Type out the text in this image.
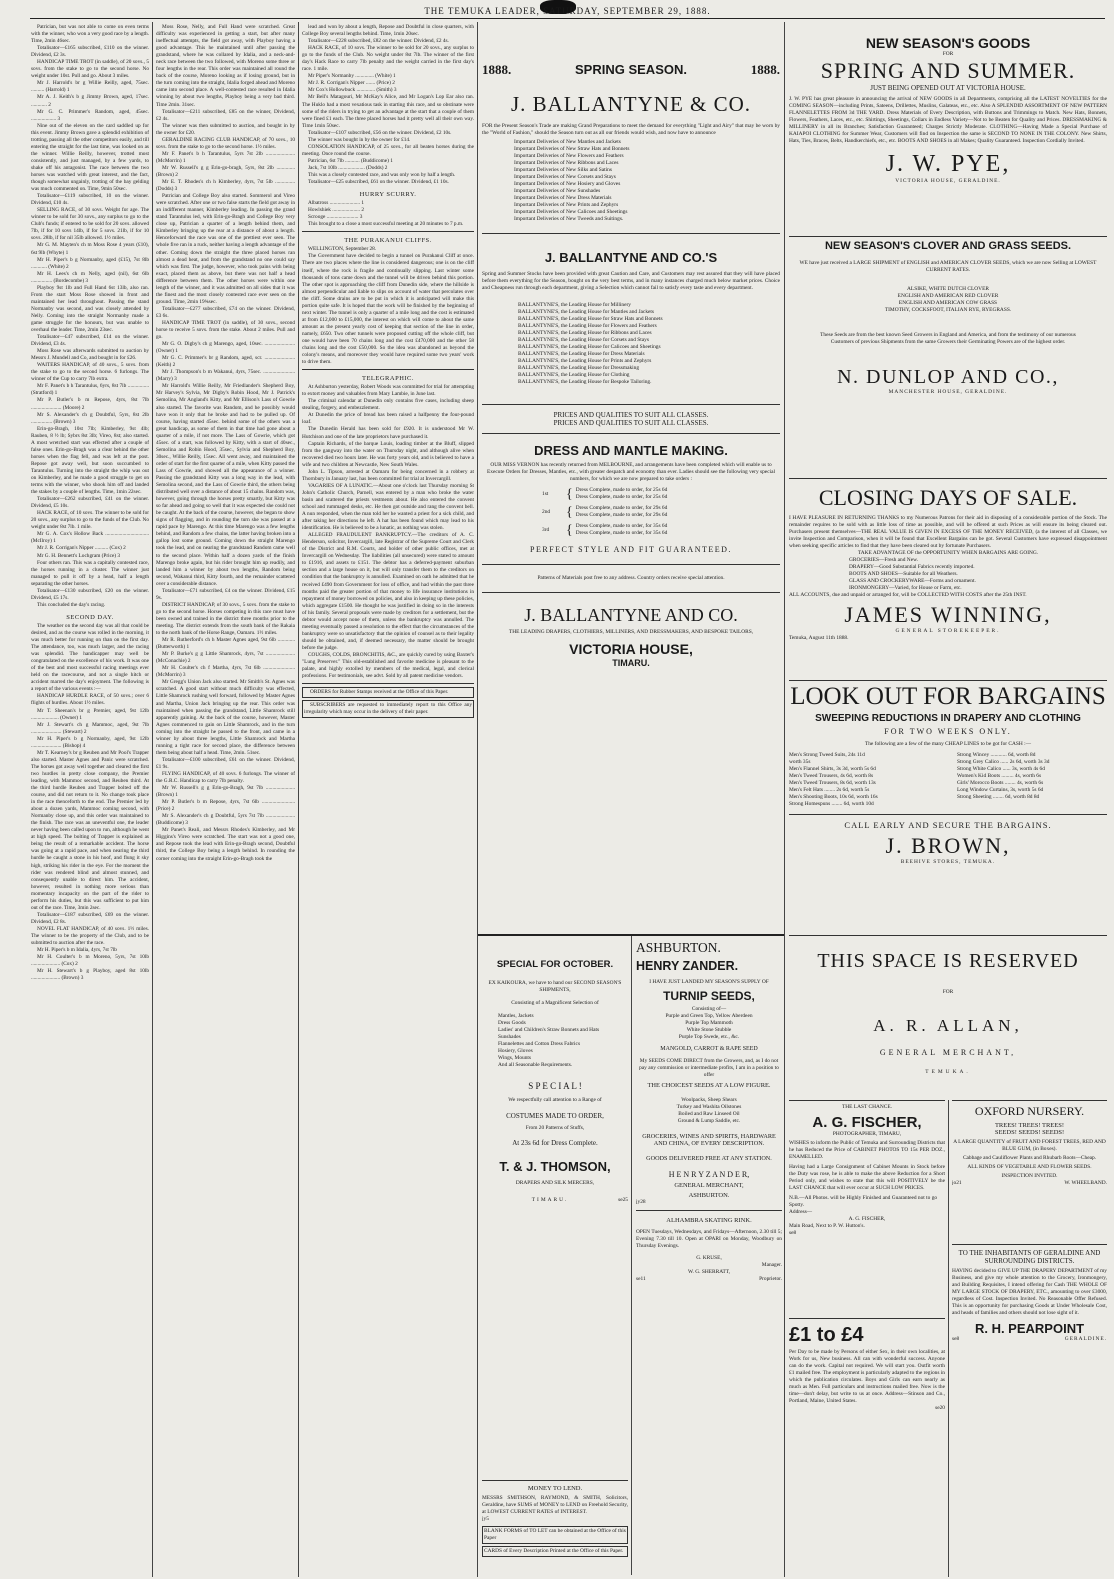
THE TEMUKA LEADER, SATURDAY, SEPTEMBER 29, 1888.

Patrician, but was not able to come on even terms with the winner, who won a very good race by a length. Time, 2min 46sec.

Totalisator—£165 subscribed, £110 on the winner. Dividend, £2 3s.

HANDICAP TIME TROT (in saddle), of 20 sovs., 5 sovs. from the stake to go to the second horse. No weight under 10st. Pull and go. About 3 miles.

Mr J. Harrold's br g Willie Reilly, aged, 75sec. .......... (Harrold) 1

Mr A. J. Keith's b g Jimmy Brown, aged, 17sec. ............ 2

Mr G. C. Primmer's Random, aged, 45sec. ................... 3

Nine out of the eleven on the card saddled up for this event. Jimmy Brown gave a splendid exhibition of trotting, passing all the other competitors easily, and till entering the straight for the last time, was looked on as the winner. Willie Reilly, however, trotted most consistently, and just managed, by a few yards, to shake off his antagonist. The race between the two horses was watched with great interest, and the fact, though somewhat ungainly, trotting of the bay gelding was much commented on. Time, 9min 50sec.

Totalisator—£119 subscribed, 10 on the winner. Dividend, £10 4s.

SELLING RACE, of 30 sovs. Weight for age. The winner to be sold for 30 sovs., any surplus to go to the Club's funds; if entered to be sold for 20 sovs. allowed 7lb, if for 10 sovs 14lb, if for 5 sovs. 21lb, if for 10 sovs. 28lb, if for nil 35lb allowed. 1½ miles.

Mr G. M. Mayten's ch m Moss Rose 4 years (£10), 6st 9lb (Whyte) 1

Mr H. Piper's b g Normanby, aged (£15), 7st 8lb ............ (White) 2

Mr H. Lees's ch m Nelly, aged (nil), 6st 6lb ................ (Bordecombe) 3

Playboy 9st 1lb and Full Hand 6st 13lb, also ran. From the start Moss Rose showed in front and maintained her lead throughout. Passing the stand Normanby was second, and was closely attended by Nelly. Coming into the straight Normanby made a game struggle for the honours, but was unable to overhaul the leader. Time, 2min 23sec.

Totalisator—£47 subscribed, £14 on the winner. Dividend, £3 4s.

Moss Rose was afterwards submitted to auction by Messrs J. Mundell and Co, and bought in for £26.

WAITERS HANDICAP, of 40 sovs., 5 sovs. from the stake to go to the second horse. 6 furlongs. The winner of the Cup to carry 7lb extra.

Mr F. Panet's b h Tarantulus, 6yrs, 8st 7lb ................ (Stratford) 1

Mr P. Butler's b m Repose, 4yrs, 8st 7lb ....................... (Moore) 2

Mr S. Alexander's ch g Doubtful, 5yrs, 8st 2lb ................ (Brown) 3

Erin-go-Bragh, 10st 7lb; Kimberley, 9st 4lb; Rauben, 8 ½ lb; Sybrs 8st 3lb; Vireo, 8st; also started. A most wretched start was effected after a couple of false ones. Erin-go-Bragh was a clear behind the other horses when the flag fell, and was left at the post. Repose got away well, but soon succumbed to Tarantulus. Turning into the straight the whip was out on Kimberley, and he made a good struggle to get on terms with the winner, who shook him off and landed the stakes by a couple of lengths. Time, 1min 22sec.

Totalisator—£262 subscribed, £41 on the winner. Dividend, £5 10s.

HACK RACE, of 10 sovs. The winner to be sold for 20 sovs., any surplus to go to the funds of the Club. No weight under 8st 7lb. 1 mile.

Mr G. A. Cox's Hollow Back ................................. (McIlroy) 1

Mr J. R. Corrigan's Nipper .......... (Cox) 2

Mr G. H. Bennett's Lochgram (Price) 3

Four others ran. This was a capitally contested race, the horses running in a cluster. The winner just managed to pull it off by a head, half a length separating the other horses.

Totalisator—£130 subscribed, £20 on the winner. Dividend, £5 17s.

This concluded the day's racing.

SECOND DAY.

The weather on the second day was all that could be desired, and as the course was rolled in the morning, it was much better for running on than on the first day. The attendance, too, was much larger, and the racing was splendid. The handicapper may well be congratulated on the excellence of his work. It was one of the best and most successful racing meetings ever held on the racecourse, and not a single hitch or accident marred the day's enjoyment. The following is a report of the various events :—

HANDICAP HURDLE RACE, of 50 sovs.; over 6 flights of hurdles. About 1½ miles.

Mr T. Sheenan's br g Premier, aged, 9st 12lb ..................... (Owner) 1

Mr J. Stewart's ch g Mammoc, aged, 9st 7lb ....................... (Stewart) 2

Mr H. Piper's b g Normanby, aged, 9st 12lb ....................... (Bishop) 4

Mr T. Kearney's br g Reuben and Mr Pool's Trapper also started. Master Agnes and Panic were scratched. The horses got away well together and cleared the first two hurdles in pretty close company, the Premier leading, with Mammoc second, and Reuben third. At the third hurdle Reuben and Trapper bolted off the course, and did not return to it. No change took place in the race thenceforth to the end. The Premier led by about a dozen yards, Mammoc coming second, with Normanby close up, and this order was maintained to the finish. The race was an uneventful one, the leader never having been called upon to run, although he went at high speed. The bolting of Trapper is explained as being the result of a remarkable accident. The horse was going at a rapid pace, and when nearing the third hurdle he caught a stone in his hoof, and flung it sky high, striking his rider in the eye. For the moment the rider was rendered blind and almost stunned, and consequently unable to direct him. The accident, however, resulted in nothing more serious than momentary incapacity on the part of the rider to perform his duties, but this was sufficient to put him out of the race. Time, 3min 2sec.

Totalisator—£187 subscribed, £69 on the winner. Dividend, £2 8s.

NOVEL FLAT HANDICAP, of 40 sovs. 1½ miles. The winner to be the property of the Club, and to be submitted to auction after the race.

Mr H. Piper's b m Idalia, 4yrs, 7st 7lb

Mr H. Coulter's b m Moreno, 5yrs, 7st 10lb ...................... (Cox) 2

Mr H. Stewart's b g Playboy, aged 8st 10lb ...................... (Brown) 3

Moss Rose, Nelly, and Full Hand were scratched. Great difficulty was experienced in getting a start, but after many ineffectual attempts, the field got away, with Playboy having a good advantage. This he maintained until after passing the grandstand, where he was collared by Idalia, and a neck-and-neck race between the two followed, with Moreno some three or four lengths in the rear. This order was maintained all round the back of the course, Moreno looking as if losing ground, but in the turn coming into the straight, Idalia forged ahead and Moreno came into second place. A well-contested race resulted in Idalia winning by about two lengths, Playboy being a very bad third. Time 2min. 31sec.

Totalisator—£211 subscribed, £85 on the winner, Dividend, £2 4s.

The winner was then submitted to auction, and bought in by the owner for £20.

GERALDINE RACING CLUB HANDICAP, of 70 sovs., 10 sovs. from the stake to go to the second horse. 1½ miles.

Mr F. Panet's b h Tarantulus, 5yrs 7st 2lb ...................... (McMorrin) 1

Mr W. Russell's g g Erin-go-bragh, 5yrs, 8st 2lb .............. (Brown) 2

Mr E. T. Rhodes's ch h Kimberley, 4yrs, 7st 5lb ............... (Dodds) 3

Patrician and College Boy also started. Sommerol and Vireo were scratched. After one or two false starts the field got away in an indifferent manner, Kimberley leading. In passing the grand stand Tarantulus led, with Erin-go-Bragh and College Boy very close up, Patrician a quarter of a length behind them, and Kimberley bringing up the rear at a distance of about a length. Henceforward the race was one of the prettiest ever seen. The whole five ran in a ruck, neither having a length advantage of the other. Coming down the straight the three placed horses ran almost a dead heat, and from the grandstand no one could say which was first. The judge, however, who took pains with being exact, placed them as above, but there was not half a head difference between them. The other horses were within one length of the winner, and it was admitted on all sides that it was the finest and the most closely contested race ever seen on the ground. Time, 2min 19¾sec.

Totalisator—£277 subscribed, £74 on the winner. Dividend, £3 6s.

HANDICAP TIME TROT (in saddle), of 30 sovs., second horse to receive 5 sovs. from the stake. About 2 miles. Pull and go.

Mr G. O. Digby's ch g Marengo, aged, 10sec. ....................... (Owner) 1

Mr G. C. Primmer's br g Random, aged, scr. ....................... (Keith) 2

Mr J. Thompson's b m Wakanui, 4yrs, 75sec. ........................ (Marry) 3

Mr Harrold's Willie Reilly, Mr Friedlander's Shepherd Boy, Mr Harvey's Sylvia, Mr Digby's Robin Hood, Mr J. Patrick's Semolina, Mr Angland's Kitty, and Mr Ellison's Lass of Gowrie also started. The favorite was Random, and he possibly would have won it only that he broke and had to be pulled up. Of course, having started 45sec. behind some of the others was a great handicap, as some of them in that time had gone about a quarter of a mile, if not more. The Lass of Gowrie, which got 45sec. of a start, was followed by Kitty, with a start of 40sec., Semolina and Robin Hood, 35sec., Sylvia and Shepherd Boy, 30sec., Willie Reilly, 15sec. All went away, and maintained the order of start for the first quarter of a mile, when Kitty passed the Lass of Gowrie, and showed all the appearance of a winner. Passing the grandstand Kitty was a long way in the lead, with Semolina second, and the Lass of Gowrie third, the others being distributed well over a distance of about 15 chains. Random was, however, going through the horses pretty smartly, but Kitty was so far ahead and going so well that it was expected she could not be caught. At the back of the course, however, she began to show signs of flagging, and in rounding the turn she was passed at a rapid pace by Marengo. At this time Marengo was a few lengths behind, and Random a few chains, the latter having broken into a gallop lost some ground. Coming down the straight Marengo took the lead, and on nearing the grandstand Random came well to the second place. Within half a dozen yards of the finish Marengo broke again, but his rider brought him up readily, and landed him a winner by about two lengths, Random being second, Wakanui third, Kitty fourth, and the remainder scattered over a considerable distance.

Totalisator—£71 subscribed, £4 on the winner. Dividend, £15 9s.

DISTRICT HANDICAP, of 30 sovs., 5 sovs. from the stake to go to the second horse. Horses competing in this race must have been owned and trained in the district three months prior to the meeting. The district extends from the south bank of the Rakaia to the north bank of the Horse Range, Oamaru. 1½ miles.

Mr R. Rutherford's ch h Master Agnes aged, 9st 6lb ............. (Butterworth) 1

Mr P. Burke's g g Little Shamrock, 4yrs, 7st ...................... (McConachie) 2

Mr H. Coulter's ch f Martha, 4yrs, 7st 6lb ........................ (McMorrin) 3

Mr Gregg's Union Jack also started. Mr Smith's St. Agnes was scratched. A good start without much difficulty was effected, Little Shamrock rushing well forward, followed by Master Agnes and Martha, Union Jack bringing up the rear. This order was maintained when passing the grandstand, Little Shamrock still apparently gaining. At the back of the course, however, Master Agnes commenced to gain on Little Shamrock, and in the turn coming into the straight he passed to the front, and came in a winner by about three lengths, Little Shamrock and Martha running a tight race for second place, the difference between them being about half a head. Time, 2min. 51sec.

Totalisator—£100 subscribed, £61 on the winner. Dividend, £1 9s.

FLYING HANDICAP, of 40 sovs. 6 furlongs. The winner of the G.R.C. Handicap to carry 7lb penalty.

Mr W. Russell's g g Erin-go-Bragh, 9st 7lb ...................... (Brown) 1

Mr P. Butler's b m Repose, 4yrs, 7st 6lb ......................... (Price) 2

Mr S. Alexander's ch g Doubtful, 5yrs 7st 7lb ...................... (Buddicome) 3

Mr Panet's Reali, and Messrs Rhodes's Kimberley, and Mr Higgins's Vireo were scratched. The start was not a good one, and Repose took the lead with Erin-go-Bragh second, Doubtful third, the College Boy being a length behind. In rounding the corner coming into the straight Erin-go-Bragh took the

lead and won by about a length, Repose and Doubtful in close quarters, with College Boy several lengths behind. Time, 1min 20sec.

Totalisator—£228 subscribed, £82 on the winner. Dividend, £2 4s.

HACK RACE, of 10 sovs. The winner to be sold for 20 sovs., any surplus to go to the funds of the Club. No weight under 8st 7lb. The winner of the first day's Hack Race to carry 7lb penalty and the weight carried in the first day's race. 1 mile.

Mr Piper's Normanby .............. (White) 1

Mr J. R. Corrigan's Nipper ....... (Price) 2

Mr Cox's Hollowbuck .............. (Smith) 3

Mr Bell's Matagouri, Mr McKay's Alice, and Mr Logan's Lop Ear also ran. The Huklo had a most vexatious task in starting this race, and so obstinate were some of the riders in trying to get an advantage at the start that a couple of them were fined £1 each. The three placed horses had it pretty well all their own way. Time 1min 50sec.

Totalisator—£107 subscribed, £56 on the winner. Dividend, £2 10s.

The winner was bought in by the owner for £14.

CONSOLATION HANDICAP, of 25 sovs., for all beaten horses during the meeting. Once round the course.

Patrician, 6st 7lb ........... (Buddicome) 1

Jack, 7st 10lb .................... (Dodds) 2

This was a closely contested race, and was only won by half a length.

Totalisator—£25 subscribed, £61 on the winner. Dividend, £1 10s.

HURRY SCURRY.

Albatross ....................... 1

Howlshiek ..................... 2

Scrooge ........................ 3

This brought to a close a most successful meeting at 20 minutes to 7 p.m.

THE PURAKANUI CLIFFS.

WELLINGTON, September 28.

The Government have decided to begin a tunnel on Purakanui Cliff at once. There are two places where the line is considered dangerous; one is on the cliff itself, where the rock is fragile and continually slipping. Last winter some thousands of tons came down and the tunnel will be driven behind this portion. The other spot is approaching the cliff from Dunedin side, where the hillside is almost perpendicular and liable to slips on account of water that percolates over the cliff. Some drains are to be put in which it is anticipated will make this portion quite safe. It is hoped that the work will be finished by the beginning of next winter. The tunnel is only a quarter of a mile long and the cost is estimated at from £12,000 to £15,000, the interest on which will come to about the same amount as the present yearly cost of keeping that section of the line in order, namely, £650. Two other tunnels were proposed cutting off the whole cliff, but one would have been 70 chains long and the cost £470,000 and the other 58 chains long and the cost £50,000. So the idea was abandoned as beyond the colony's means, and moreover they would have required some two years' work to drive them.

TELEGRAPHIC.

At Ashburton yesterday, Robert Woods was committed for trial for attempting to extort money and valuables from Mary Lambie, in June last.

The criminal calendar at Dunedin only contains five cases, including sheep stealing, forgery, and embezzlement.

At Dunedin the price of bread has been raised a halfpenny the four-pound loaf.

The Dunedin Herald has been sold for £920. It is understood Mr W. Hutchison and one of the late proprietors have purchased it.

Captain Richards, of the barque Louis, loading timber at the Bluff, slipped from the gangway into the water on Thursday night, and although alive when recovered died two hours later. He was forty years old, and is believed to have a wife and two children at Newcastle, New South Wales.

John L. Tipson, arrested at Oamaru for being concerned in a robbery at Thornbury in January last, has been committed for trial at Invercargill.

VAGARIES OF A LUNATIC.—About one o'clock last Thursday morning St John's Catholic Church, Parnell, was entered by a man who broke the water basin and scattered the priests vestments about. He also entered the convent school and rummaged desks, etc. He then got outside and rang the convent bell. A nun responded, when the man told her he wanted a priest for a sick child, and after taking her directions he left. A hat has been found which may lead to his identification. He is believed to be a lunatic, as nothing was stolen.

ALLEGED FRAUDULENT BANKRUPTCY.—The creditors of A. C. Henderson, solicitor, Invercargill, late Registrar of the Supreme Court and Clerk of the District and R.M. Courts, and holder of other public offices, met at Invercargill on Wednesday. The liabilities (all unsecured) were stated to amount to £1916, and assets to £151. The debtor has a deferred-payment suburban section and a large house on it, but will only transfer them to the creditors on condition that the bankruptcy is annulled. Examined on oath he admitted that he received £490 from Government for loss of office, and had within the past three months paid the greater portion of that money to life insurance institutions in repayment of money borrowed on policies, and also in keeping up these policies, which aggregate £1500. He thought he was justified in doing so in the interests of his family. Several proposals were made by creditors for a settlement, but the debtor would accept none of them, unless the bankruptcy was annulled. The meeting eventually passed a resolution to the effect that the circumstances of the bankruptcy were so unsatisfactory that the opinion of counsel as to their legality should be obtained, and, if deemed necessary, the matter should be brought before the judge.

COUGHS, COLDS, BRONCHITIS, &C., are quickly cured by using Baxter's "Lung Preserver." This old-established and favorite medicine is pleasant to the palate, and highly extolled by members of the medical, legal, and clerical professions. For testimonials, see advt. Sold by all patent medicine vendors.

ORDERS for Rubber Stamps received at the Office of this Paper.

SUBSCRIBERS are requested to immediately report to this Office any irregularity which may occur in the delivery of their paper.

1888.	SPRING SEASON.	1888.
J. BALLANTYNE & CO.
FOR the Present Season's Trade are making Grand Preparations to meet the demand for everything "Light and Airy" that may be worn by the "World of Fashion," should the Season turn out as all our friends would wish, and now have to announce
Important Deliveries of New Mantles and Jackets
Important Deliveries of New Straw Hats and Bonnets
Important Deliveries of New Flowers and Feathers
Important Deliveries of New Ribbons and Laces
Important Deliveries of New Silks and Satins
Important Deliveries of New Corsets and Stays
Important Deliveries of New Hosiery and Gloves
Important Deliveries of New Sunshades
Important Deliveries of New Dress Materials
Important Deliveries of New Prints and Zephyrs
Important Deliveries of New Calicoes and Sheetings
Important Deliveries of New Tweeds and Suitings.
J. BALLANTYNE AND CO.'S
Spring and Summer Stocks have been provided with great Caution and Care, and Customers may rest assured that they will have placed before them everything for the Season, bought on the very best terms, and in many instances charged much below market prices. Choice and Cheapness run through each department, giving a Selection which cannot fail to satisfy every taste and every department.
BALLANTYNE'S, the Leading House for Millinery
BALLANTYNE'S, the Leading House for Mantles and Jackets
BALLANTYNE'S, the Leading House for Straw Hats and Bonnets
BALLANTYNE'S, the Leading House for Flowers and Feathers
BALLANTYNE'S, the Leading House for Ribbons and Laces
BALLANTYNE'S, the Leading House for Corsets and Stays
BALLANTYNE'S, the Leading House for Calicoes and Sheetings
BALLANTYNE'S, the Leading House for Dress Materials
BALLANTYNE'S, the Leading House for Prints and Zephyrs
BALLANTYNE'S, the Leading House for Dressmaking
BALLANTYNE'S, the Leading House for Clothing
BALLANTYNE'S, the Leading House for Bespoke Tailoring.
PRICES AND QUALITIES TO SUIT ALL CLASSES.
PRICES AND QUALITIES TO SUIT ALL CLASSES.
DRESS AND MANTLE MAKING.
OUR MISS VERNON has recently returned from MELBOURNE, and arrangements have been completed which will enable us to Execute Orders for Dresses, Mantles, etc., with greater despatch and economy than ever. Ladies should see the following very special numbers, for which we are now prepared to take orders :
1st	{ Dress Complete, made to order, for 25s 6d
Dress Complete, made to order, for 25s 6d
2nd	{ Dress Complete, made to order, for 29s 6d
Dress Complete, made to order, for 29s 6d
3rd	{ Dress Complete, made to order, for 35s 6d
Dress Complete, made to order, for 35s 6d
PERFECT STYLE AND FIT GUARANTEED.
Patterns of Materials post free to any address. Country orders receive special attention.
J. BALLANTYNE AND CO.
THE LEADING DRAPERS, CLOTHIERS, MILLINERS, AND DRESSMAKERS, AND BESPOKE TAILORS,
VICTORIA HOUSE,
TIMARU.
SPECIAL FOR OCTOBER.
EX KAIKOURA, we have to hand our SECOND SEASON'S SHIPMENTS,
Consisting of a Magnificent Selection of
Mantles, Jackets
Dress Goods
Ladies' and Children's Straw Bonnets and Hats
Sunshades
Flannelettes and Cotton Dress Fabrics
Hosiery, Gloves
Wings, Mounts
And all Seasonable Requirements.
S P E C I A L !
We respectfully call attention to a Range of
COSTUMES MADE TO ORDER,
From 20 Patterns of Stuffs,
At 23s 6d for Dress Complete.
T. & J. THOMSON,
DRAPERS AND SILK MERCERS,
TIMARU.	se25
ASHBURTON.
HENRY ZANDER.
I HAVE JUST LANDED MY SEASON'S SUPPLY OF
TURNIP SEEDS,
Consisting of—
Purple and Green Top, Yellow Aberdeen
Purple Top Mammoth
White Stone Stubble
Purple Top Swede, etc., &c.
MANGOLD, CARROT & RAPE SEED
My SEEDS COME DIRECT from the Growers, and, as I do not pay any commission or intermediate profits, I am in a position to offer
THE CHOICEST SEEDS AT A LOW FIGURE.
Woolpacks, Sheep Shears
Turkey and Washita Oilstones
Boiled and Raw Linseed Oil
Ground & Lump Saddle, etc.
GROCERIES, WINES AND SPIRITS, HARDWARE AND CHINA, OF EVERY DESCRIPTION.
GOODS DELIVERED FREE AT ANY STATION.
H E N R Y Z A N D E R,
GENERAL MERCHANT,
ASHBURTON.
jy28
ALHAMBRA SKATING RINK.
OPEN Tuesdays, Wednesdays, and Fridays—Afternoon, 2.30 till 5; Evening 7.30 till 10. Open at OPARI on Monday, Woodbury on Thursday Evenings.
G. KRUSE,
Manager.
W. G. SHERRATT,
se11	Proprietor.
MONEY TO LEND.
MESSRS SMITHSON, RAYMOND, & SMITH, Solicitors, Geraldine, have SUMS of MONEY to LEND on Freehold Security, at LOWEST CURRENT RATES of INTEREST.
jy5
BLANK FORMS of TO LET can be obtained at the Office of this Paper
CARDS of Every Description Printed at the Office of this Paper.
NEW SEASON'S GOODS
FOR
SPRING AND SUMMER.
JUST BEING OPENED OUT AT VICTORIA HOUSE.
J. W. PYE has great pleasure in announcing the arrival of NEW GOODS in all Departments, comprising all the LATEST NOVELTIES for the COMING SEASON—including Prints, Sateens, Drillettes, Muslins, Galateas, etc., etc. Also A SPLENDID ASSORTMENT OF NEW PATTERN FLANNELETTES FROM 3d THE YARD. Dress Materials of Every Description, with Buttons and Trimmings to Match. New Hats, Bonnets, Flowers, Feathers, Laces, etc., etc. Shirtings, Sheetings, Collars in Endless Variety—Not to be Beaten for Quality and Prices. DRESSMAKING & MILLINERY in all its Branches; Satisfaction Guaranteed; Charges Strictly Moderate. CLOTHING—Having Made a Special Purchase of KAIAPOI CLOTHING for Summer Wear, Customers will find on Inspection the same is SECOND TO NONE IN THE COLONY. New Shirts, Hats, Ties, Braces, Belts, Handkerchiefs, etc., etc. BOOTS AND SHOES in all Makes; Quality Guaranteed. Inspection Cordially Invited.
J. W. PYE,
VICTORIA HOUSE, GERALDINE.
NEW SEASON'S CLOVER AND GRASS SEEDS.
WE have just received a LARGE SHIPMENT of ENGLISH and AMERICAN CLOVER SEEDS, which we are now Selling at LOWEST CURRENT RATES.
ALSIKE, WHITE DUTCH CLOVER
ENGLISH AND AMERICAN RED CLOVER
ENGLISH AND AMERICAN COW GRASS
TIMOTHY, COCKSFOOT, ITALIAN RYE, RYEGRASS.
These Seeds are from the best known Seed Growers in England and America, and from the testimony of our numerous Customers of previous Shipments from the same Growers their Germinating Powers are of the highest order.
N. DUNLOP AND CO.,
MANCHESTER HOUSE, GERALDINE.
CLOSING DAYS OF SALE.
I HAVE PLEASURE IN RETURNING THANKS to my Numerous Patrons for their aid in disposing of a considerable portion of the Stock. The remainder requires to be sold with as little loss of time as possible, and will be offered at such Prices as will ensure its being cleared out. Purchasers present themselves—THE REAL VALUE IS GIVEN IN EXCESS OF THE MONEY RECEIVED, (a the interest of all Classes, we invite Inspection and Comparison, when it will be found that Excellent Bargains can be got. Several Customers have expressed disappointment when seeking specific articles to find that they have been cleared out by fortunate Purchasers.
TAKE ADVANTAGE OF the OPPORTUNITY WHEN BARGAINS ARE GOING.
GROCERIES—Fresh and New.
DRAPERY—Good Substantial Fabrics recently imported.
BOOTS AND SHOES—Suitable for all Weathers.
GLASS AND CROCKERYWARE—Forms and ornament.
IRONMONGERY—Varied, for House or Farm, etc.
ALL ACCOUNTS, due and unpaid or arranged for, will be COLLECTED WITH COSTS after the 25th INST.
JAMES WINNING,
GENERAL STOREKEEPER.
Temuka, August 11th 1888.
LOOK OUT FOR BARGAINS
SWEEPING REDUCTIONS IN DRAPERY AND CLOTHING
FOR TWO WEEKS ONLY.
The following are a few of the many CHEAP LINES to be got for CASH :—
Men's Strong Tweed Suits, 24s 11d
worth 35s
Men's Flannel Shirts, 3s 3d, worth 5s 6d
Men's Tweed Trousers, 4s 6d, worth 8s
Men's Tweed Trousers, 8s 6d, worth 13s
Men's Felt Hats ........ 2s 6d, worth 5s
Men's Shooting Boots, 10s 6d, worth 16s
Strong Homespuns ........ 6d, worth 10d
Strong Wincey ............ 6d, worth 8d
Strong Grey Calico ...... 2s 6d, worth 3s 3d
Strong White Calico ...... 3s, worth 4s 6d
Women's Kid Boots ......... 4s, worth 6s
Girls' Morocco Boots ........ 4s, worth 6s
Long Window Curtains, 3s, worth 5s 6d
Strong Sheeting ........ 6d, worth 8d 8d
CALL EARLY AND SECURE THE BARGAINS.
J. BROWN,
BEEHIVE STORES, TEMUKA.
THIS SPACE IS RESERVED
FOR
A. R. ALLAN,
GENERAL MERCHANT,
TEMUKA.
THE LAST CHANCE.
A. G. FISCHER,
PHOTOGRAPHER, TIMARU,
WISHES to inform the Public of Temuka and Surrounding Districts that he has Reduced the Price of CABINET PHOTOS TO 15s PER DOZ., ENAMELLED.
Having had a Large Consignment of Cabinet Mounts in Stock before the Duty was rose, he is able to make the above Reduction for a Short Period only, and wishes to state that this will POSITIVELY be the LAST CHANCE that will ever occur at SUCH LOW PRICES.
N.B.—All Photos. will be Highly Finished and Guaranteed not to go Spotty.
Address—
A. G. FISCHER,
Main Road, Next to P. W. Hutton's.
se8
£1 to £4
Per Day to be made by Persons of either Sex, in their own localities, at Work for us, New business. All can with wonderful success. Anyone can do the work. Capital not required. We will start you. Outfit worth £1 mailed free. The employment is particularly adapted to the regions in which the publication circulates. Boys and Girls can earn nearly as much as Men. Full particulars and instructions mailed free. Now is the time—don't delay, but write to us at once. Address—Stinson and Co., Portland, Maine, United States.
se20
OXFORD NURSERY.
TREES! TREES! TREES!
SEEDS! SEEDS! SEEDS!
A LARGE QUANTITY of FRUIT AND FOREST TREES, RED AND BLUE GUM, (in Boxes).
Cabbage and Cauliflower Plants and Rhubarb Roots—Cheap.
ALL KINDS OF VEGETABLE AND FLOWER SEEDS.
INSPECTION INVITED.
jo21	W. WHEELBAND.
TO THE INHABITANTS OF GERALDINE AND SURROUNDING DISTRICTS.
HAVING decided to GIVE UP THE DRAPERY DEPARTMENT of my Business, and give my whole attention to the Grocery, Ironmongery, and Building Requisites, I intend offering for Cash THE WHOLE OF MY LARGE STOCK OF DRAPERY, ETC., amounting to over £3000, regardless of Cost. Inspection Invited. No Reasonable Offer Refused. This is an opportunity for purchasing Goods at Under Wholesale Cost, and heads of families and others should not lose sight of it.
R. H. PEARPOINT
se8	GERALDINE.
